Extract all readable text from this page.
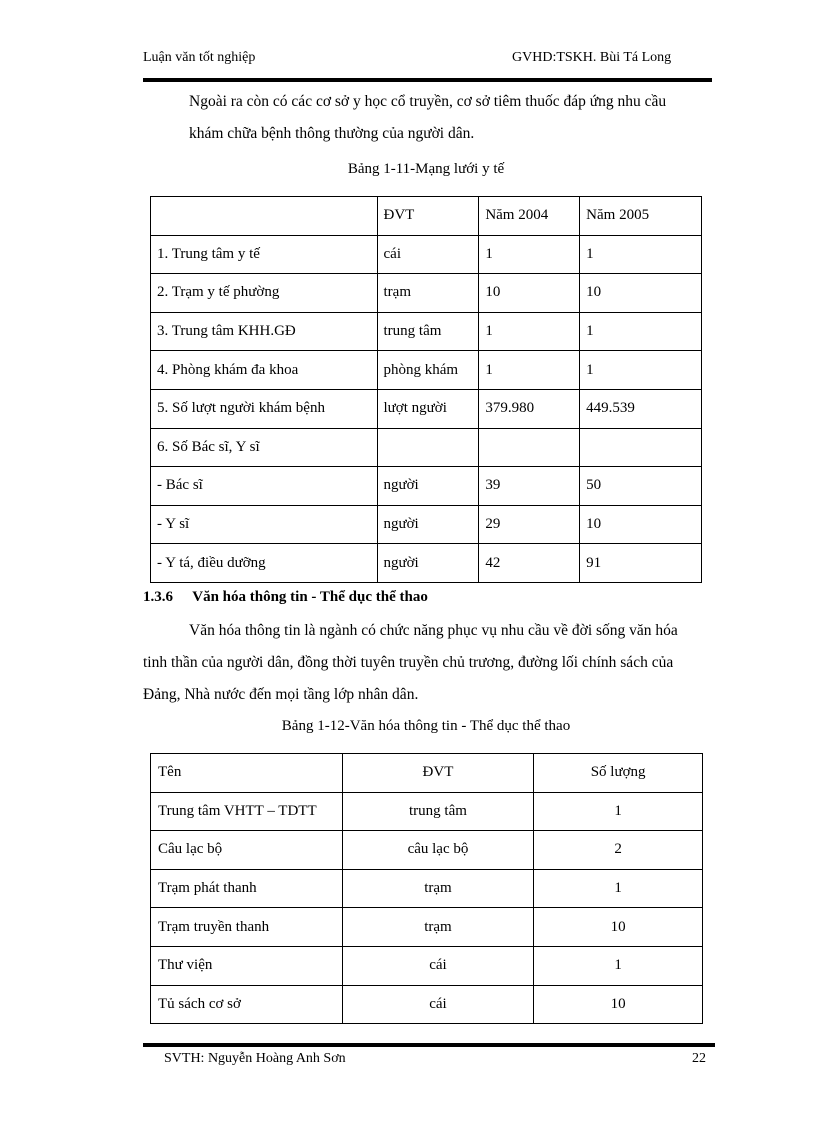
Luận văn tốt nghiệp	GVHD:TSKH. Bùi Tá Long
Ngoài ra còn có các cơ sở y học cổ truyền, cơ sở tiêm thuốc đáp ứng nhu cầu
khám chữa bệnh thông thường của người dân.
Bảng 1-11-Mạng lưới y tế
	ĐVT	Năm 2004	Năm 2005
1. Trung tâm y tế	cái	1	1
2. Trạm y tế phường	trạm	10	10
3. Trung tâm KHH.GĐ	trung tâm	1	1
4. Phòng khám đa khoa	phòng khám	1	1
5. Số lượt người khám bệnh	lượt người	379.980	449.539
6. Số Bác sĩ, Y sĩ			
- Bác sĩ	người	39	50
- Y sĩ	người	29	10
- Y tá, điều dưỡng	người	42	91
1.3.6 Văn hóa thông tin - Thể dục thể thao
Văn hóa thông tin là ngành có chức năng phục vụ nhu cầu về đời sống văn hóa
tinh thần của người dân, đồng thời tuyên truyền chủ trương, đường lối chính sách của
Đảng, Nhà nước đến mọi tầng lớp nhân dân.
Bảng 1-12-Văn hóa thông tin - Thể dục thể thao
Tên	ĐVT	Số lượng
Trung tâm VHTT – TDTT	trung tâm	1
Câu lạc bộ	câu lạc bộ	2
Trạm phát thanh	trạm	1
Trạm truyền thanh	trạm	10
Thư viện	cái	1
Tủ sách cơ sở	cái	10
SVTH: Nguyễn Hoàng Anh Sơn	22
